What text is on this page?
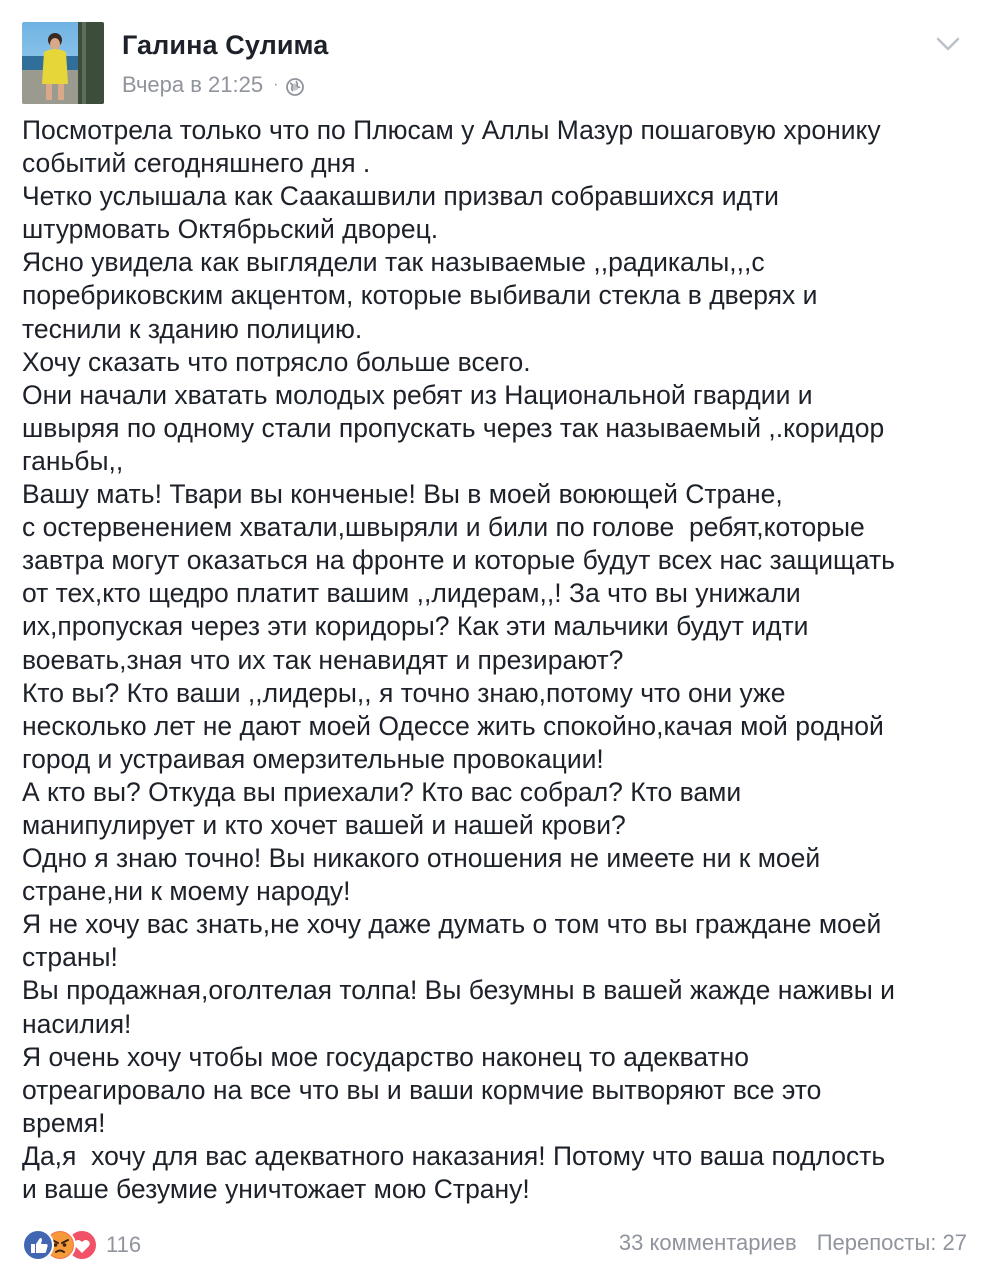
Галина Сулима
Вчера в 21:25 ·
Посмотрела только что по Плюсам у Аллы Мазур пошаговую хронику
событий сегодняшнего дня .
Четко услышала как Саакашвили призвал собравшихся идти
штурмовать Октябрьский дворец.
Ясно увидела как выглядели так называемые ,,радикалы,,,с
поребриковским акцентом, которые выбивали стекла в дверях и
теснили к зданию полицию.
Хочу сказать что потрясло больше всего.
Они начали хватать молодых ребят из Национальной гвардии и
швыряя по одному стали пропускать через так называемый ,.коридор
ганьбы,,
Вашу мать! Твари вы конченые! Вы в моей воюющей Стране,
с остервенением хватали,швыряли и били по голове  ребят,которые
завтра могут оказаться на фронте и которые будут всех нас защищать
от тех,кто щедро платит вашим ,,лидерам,,! За что вы унижали
их,пропуская через эти коридоры? Как эти мальчики будут идти
воевать,зная что их так ненавидят и презирают?
Кто вы? Кто ваши ,,лидеры,, я точно знаю,потому что они уже
несколько лет не дают моей Одессе жить спокойно,качая мой родной
город и устраивая омерзительные провокации!
А кто вы? Откуда вы приехали? Кто вас собрал? Кто вами
манипулирует и кто хочет вашей и нашей крови?
Одно я знаю точно! Вы никакого отношения не имеете ни к моей
стране,ни к моему народу!
Я не хочу вас знать,не хочу даже думать о том что вы граждане моей
страны!
Вы продажная,оголтелая толпа! Вы безумны в вашей жажде наживы и
насилия!
Я очень хочу чтобы мое государство наконец то адекватно
отреагировало на все что вы и ваши кормчие вытворяют все это
время!
Да,я  хочу для вас адекватного наказания! Потому что ваша подлость
и ваше безумие уничтожает мою Страну!
116	33 комментариев Перепосты: 27
